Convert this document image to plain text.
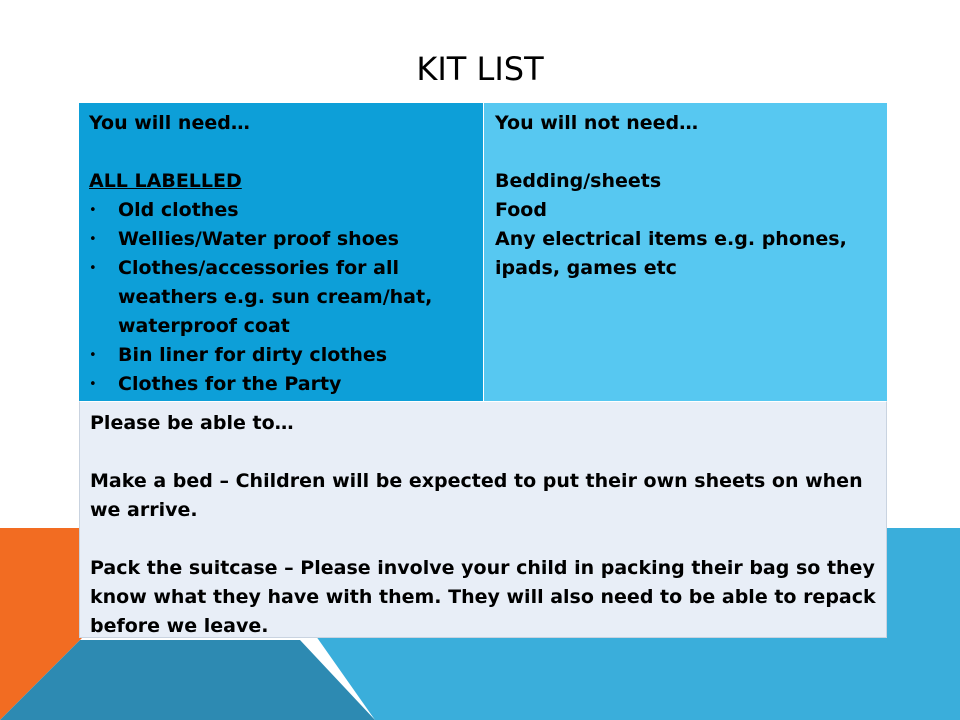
KIT LIST
You will need…
ALL LABELLED
• Old clothes
• Wellies/Water proof shoes
• Clothes/accessories for all weathers e.g. sun cream/hat, waterproof coat
• Bin liner for dirty clothes
• Clothes for the Party
You will not need…
Bedding/sheets
Food
Any electrical items e.g. phones, ipads, games etc
Please be able to…

Make a bed – Children will be expected to put their own sheets on when we arrive.

Pack the suitcase – Please involve your child in packing their bag so they know what they have with them. They will also need to be able to repack before we leave.
